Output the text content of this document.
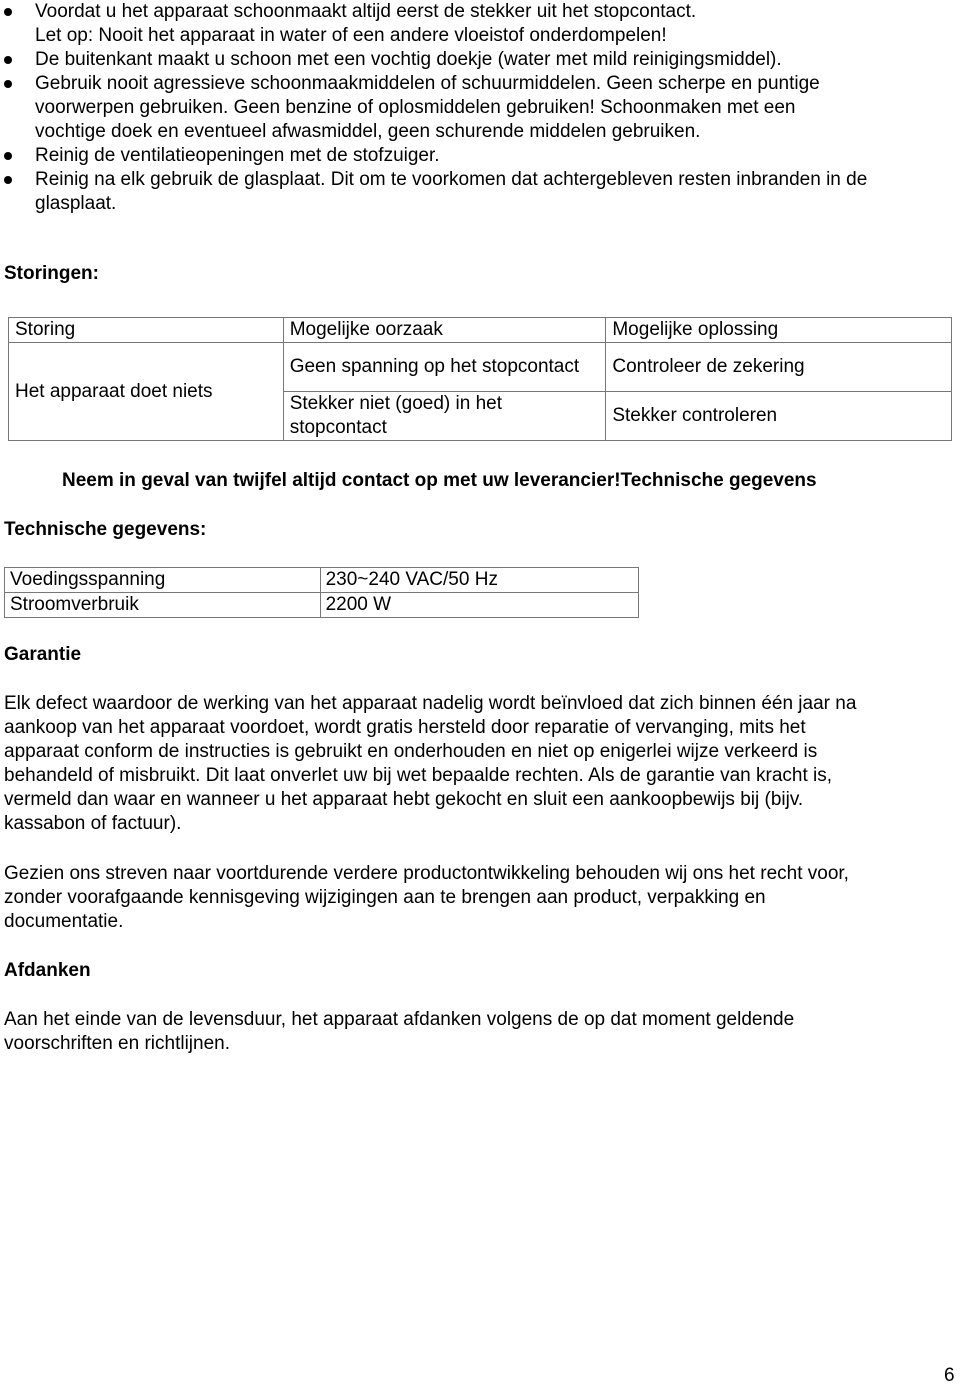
Voordat u het apparaat schoonmaakt altijd eerst de stekker uit het stopcontact.
Let op: Nooit het apparaat in water of een andere vloeistof onderdompelen!
De buitenkant maakt u schoon met een vochtig doekje (water met mild reinigingsmiddel).
Gebruik nooit agressieve schoonmaakmiddelen of schuurmiddelen. Geen scherpe en puntige
voorwerpen gebruiken. Geen benzine of oplosmiddelen gebruiken! Schoonmaken met een
vochtige doek en eventueel afwasmiddel, geen schurende middelen gebruiken.
Reinig de ventilatieopeningen met de stofzuiger.
Reinig na elk gebruik de glasplaat. Dit om te voorkomen dat achtergebleven resten inbranden in de
glasplaat.
Storingen:
Storing	Mogelijke oorzaak	Mogelijke oplossing
Het apparaat doet niets	Geen spanning op het stopcontact	Controleer de zekering
	Stekker niet (goed) in het stopcontact	Stekker controleren
Neem in geval van twijfel altijd contact op met uw leverancier!Technische gegevens
Technische gegevens:
Voedingsspanning	230~240 VAC/50 Hz
Stroomverbruik	2200 W
Garantie

Elk defect waardoor de werking van het apparaat nadelig wordt beïnvloed dat zich binnen één jaar na
aankoop van het apparaat voordoet, wordt gratis hersteld door reparatie of vervanging, mits het
apparaat conform de instructies is gebruikt en onderhouden en niet op enigerlei wijze verkeerd is
behandeld of misbruikt. Dit laat onverlet uw bij wet bepaalde rechten. Als de garantie van kracht is,
vermeld dan waar en wanneer u het apparaat hebt gekocht en sluit een aankoopbewijs bij (bijv.
kassabon of factuur).

Gezien ons streven naar voortdurende verdere productontwikkeling behouden wij ons het recht voor,
zonder voorafgaande kennisgeving wijzigingen aan te brengen aan product, verpakking en
documentatie.

Afdanken

Aan het einde van de levensduur, het apparaat afdanken volgens de op dat moment geldende
voorschriften en richtlijnen.

6
